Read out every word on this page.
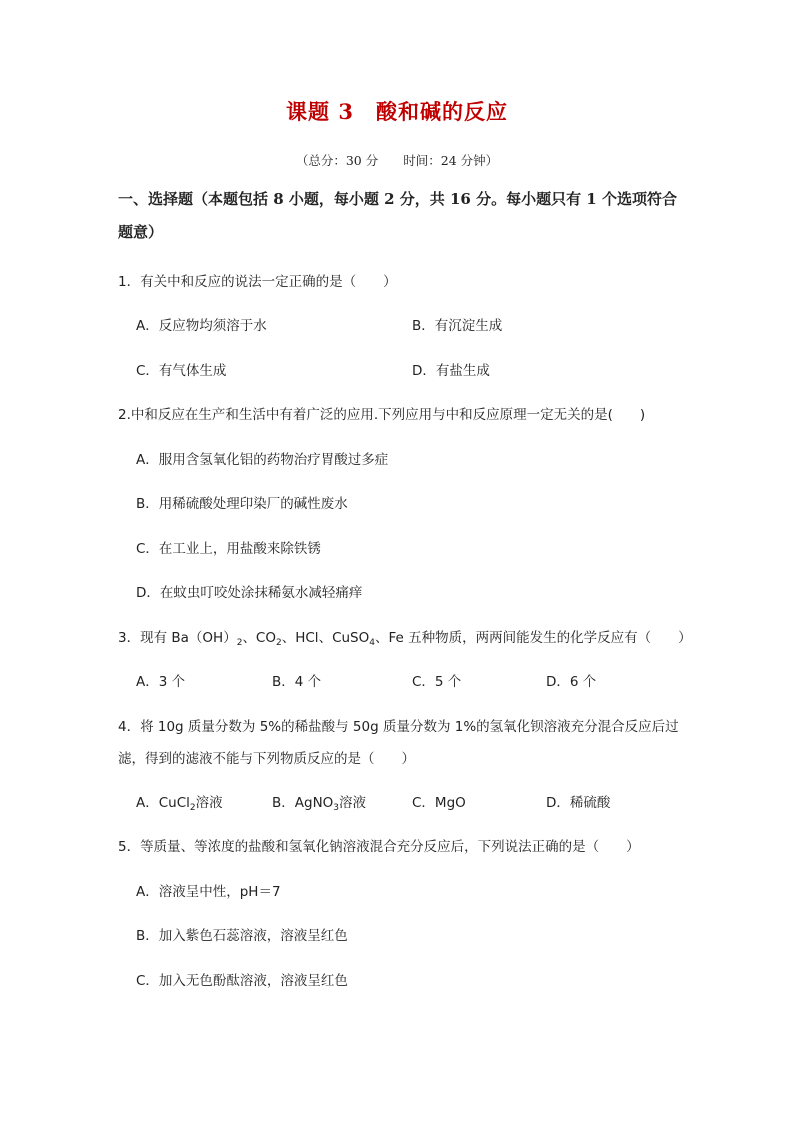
课题 3　酸和碱的反应
（总分：30 分　　时间：24 分钟）
一、选择题（本题包括 8 小题，每小题 2 分，共 16 分。每小题只有 1 个选项符合题意）
1．有关中和反应的说法一定正确的是（　　）
A．反应物均须溶于水	B．有沉淀生成
C．有气体生成	D．有盐生成
2.中和反应在生产和生活中有着广泛的应用.下列应用与中和反应原理一定无关的是(　　)
A．服用含氢氧化铝的药物治疗胃酸过多症
B．用稀硫酸处理印染厂的碱性废水
C．在工业上，用盐酸来除铁锈
D．在蚊虫叮咬处涂抹稀氨水减轻痛痒
3．现有 $Ba(OH)_2$、$CO_2$、HCl、CuSO$_4$、Fe 五种物质，两两间能发生的化学反应有（　　）
A．3 个	B．4 个	C．5 个	D．6 个
4．将 10g 质量分数为 5%的稀盐酸与 50g 质量分数为 1%的氢氧化钡溶液充分混合反应后过
滤，得到的滤液不能与下列物质反应的是（　　）
A．CuCl$_2$溶液	B．AgNO$_3$溶液	C．MgO	D．稀硫酸
5．等质量、等浓度的盐酸和氢氧化钠溶液混合充分反应后，下列说法正确的是（　　）
A．溶液呈中性，pH＝7
B．加入紫色石蕊溶液，溶液呈红色
C．加入无色酚酞溶液，溶液呈红色
